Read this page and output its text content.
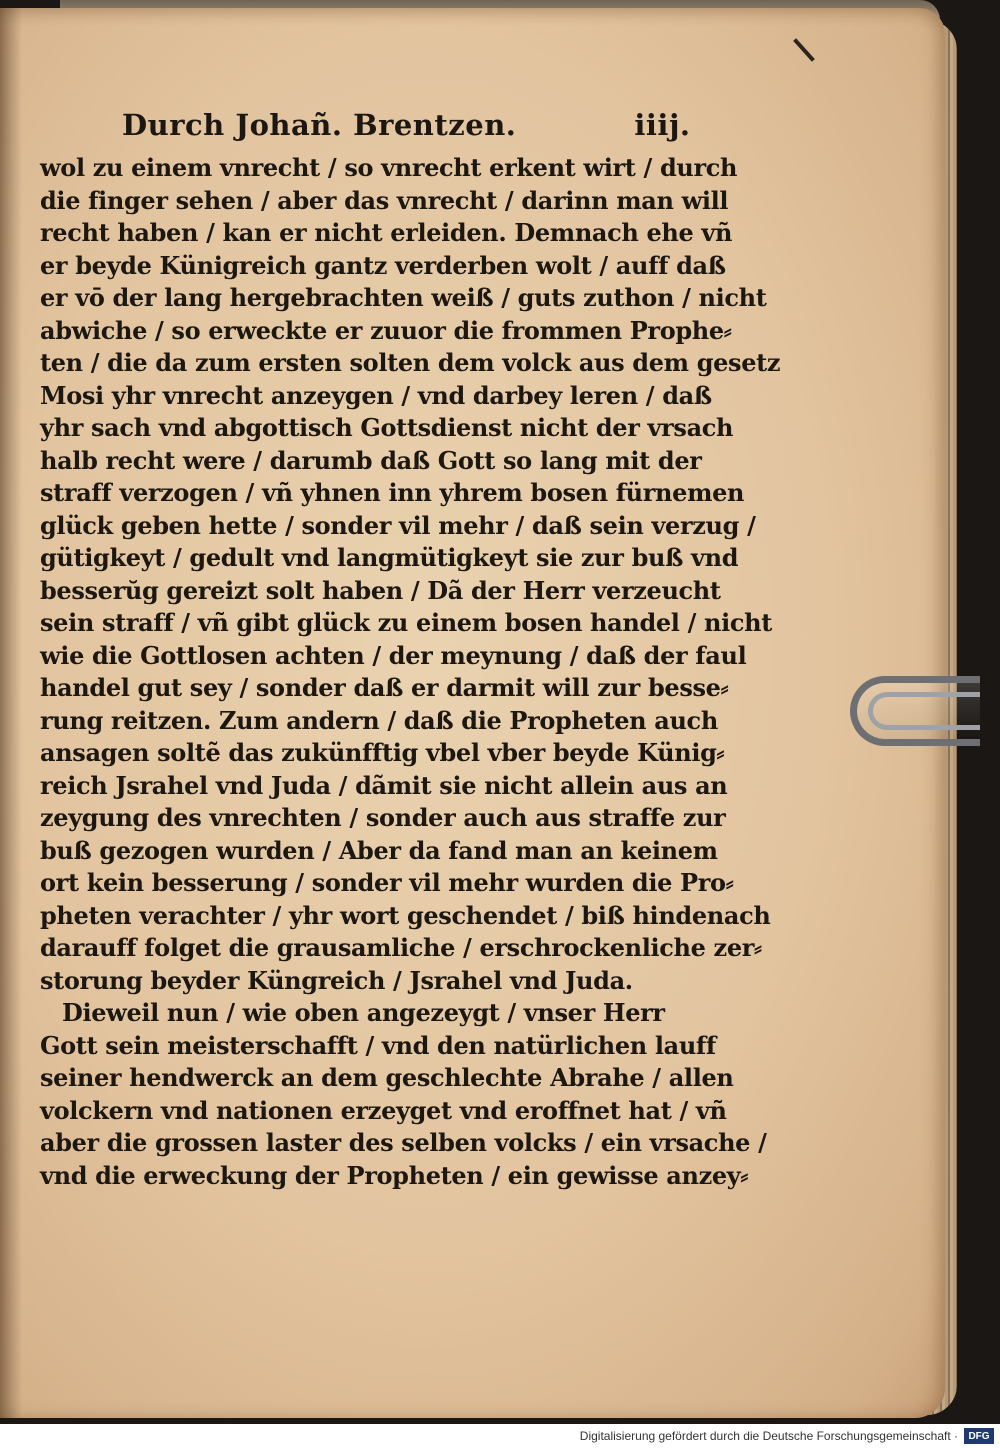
Durch Johañ. Brentzen.	iiij.
wol zu einem vnrecht / so vnrecht erkent wirt / durch
die finger sehen / aber das vnrecht / darinn man will
recht haben / kan er nicht erleiden. Demnach ehe vñ
er beyde Künigreich gantz verderben wolt / auff daß
er vō der lang hergebrachten weiß / guts zuthon / nicht
abwiche / so erweckte er zuuor die frommen Prophe⸗
ten / die da zum ersten solten dem volck aus dem gesetz
Mosi yhr vnrecht anzeygen / vnd darbey leren / daß
yhr sach vnd abgottisch Gottsdienst nicht der vrsach
halb recht were / darumb daß Gott so lang mit der
straff verzogen / vñ yhnen inn yhrem bosen fürnemen
glück geben hette / sonder vil mehr / daß sein verzug /
gütigkeyt / gedult vnd langmütigkeyt sie zur buß vnd
besserŭg gereizt solt haben / Dã der Herr verzeucht
sein straff / vñ gibt glück zu einem bosen handel / nicht
wie die Gottlosen achten / der meynung / daß der faul
handel gut sey / sonder daß er darmit will zur besse⸗
rung reitzen. Zum andern / daß die Propheten auch
ansagen soltẽ das zukünfftig vbel vber beyde Künig⸗
reich Jsrahel vnd Juda / dãmit sie nicht allein aus an
zeygung des vnrechten / sonder auch aus straffe zur
buß gezogen wurden / Aber da fand man an keinem
ort kein besserung / sonder vil mehr wurden die Pro⸗
pheten verachter / yhr wort geschendet / biß hindenach
darauff folget die grausamliche / erschrockenliche zer⸗
storung beyder Küngreich / Jsrahel vnd Juda.
Dieweil nun / wie oben angezeygt / vnser Herr
Gott sein meisterschafft / vnd den natürlichen lauff
seiner hendwerck an dem geschlechte Abrahe / allen
volckern vnd nationen erzeyget vnd eroffnet hat / vñ
aber die grossen laster des selben volcks / ein vrsache /
vnd die erweckung der Propheten / ein gewisse anzey⸗
Digitalisierung gefördert durch die Deutsche Forschungsgemeinschaft ·	DFG
